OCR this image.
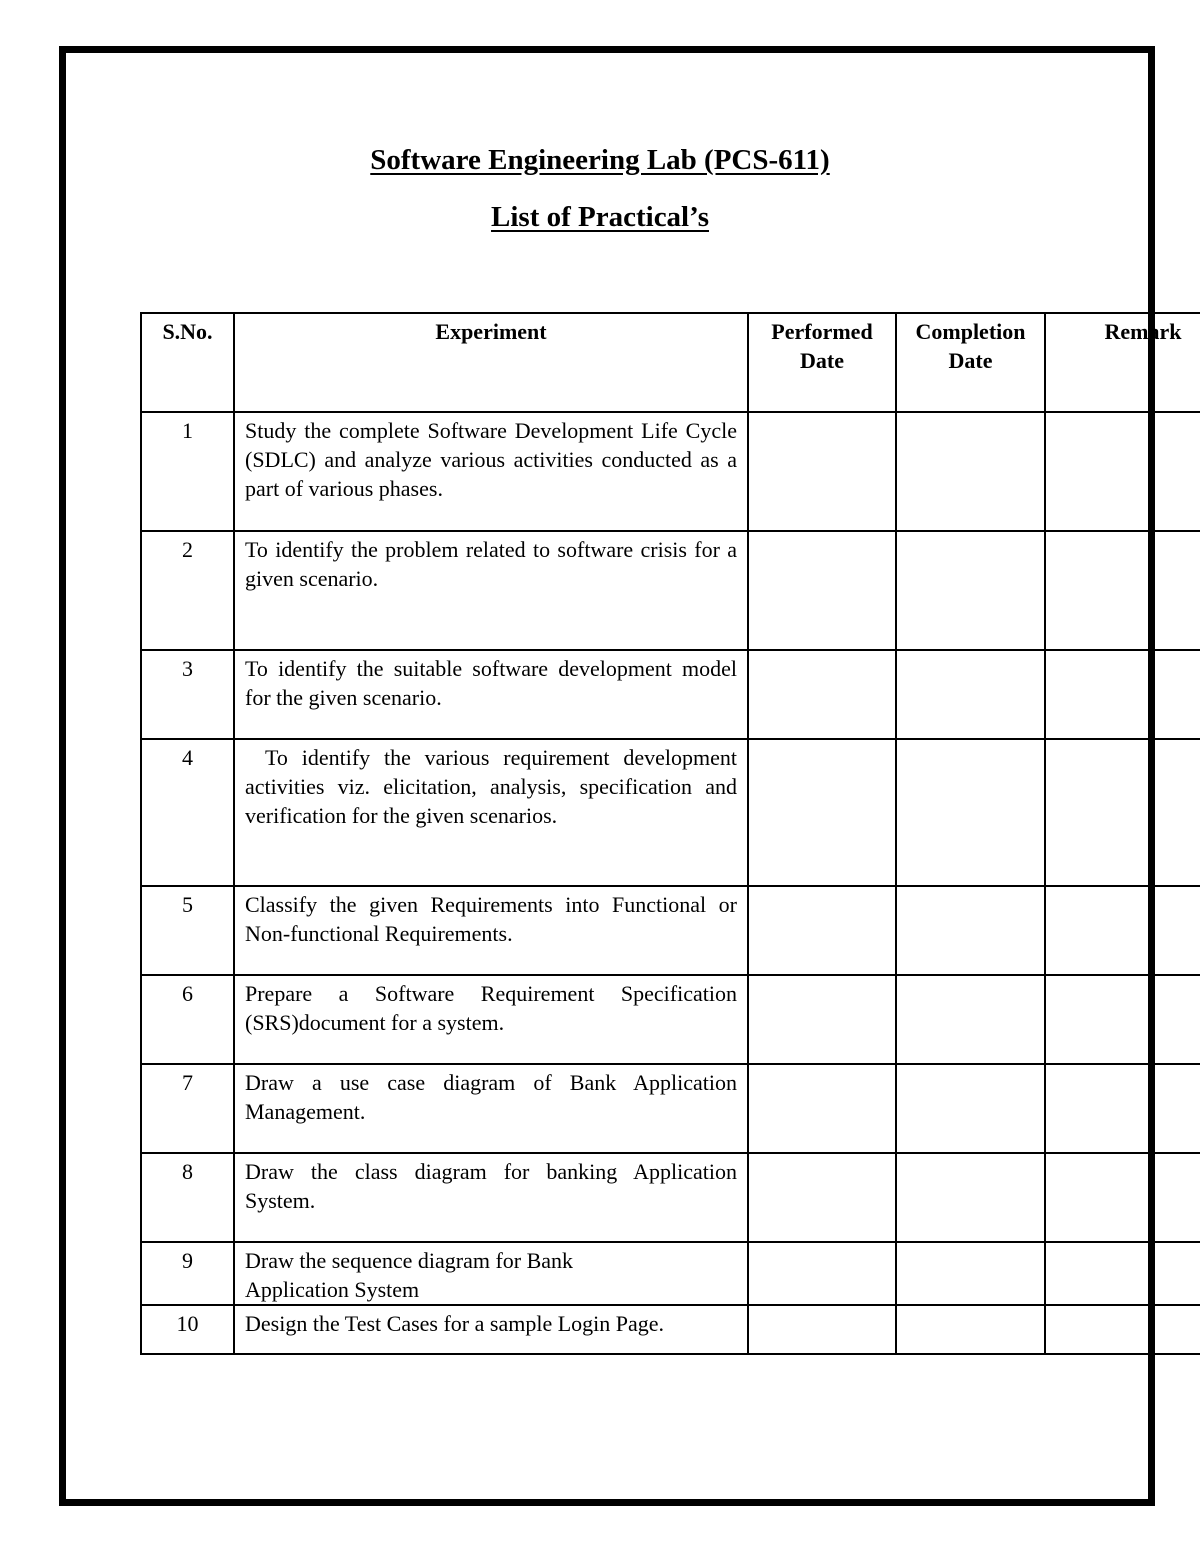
Software Engineering Lab (PCS-611)
List of Practical’s
S.No.	Experiment	Performed Date	Completion Date	Remark
1	Study the complete Software Development Life Cycle (SDLC) and analyze various activities conducted as a part of various phases.			
2	To identify the problem related to software crisis for a given scenario.			
3	To identify the suitable software development model for the given scenario.			
4	To identify the various requirement development activities viz. elicitation, analysis, specification and verification for the given scenarios.			
5	Classify the given Requirements into Functional or Non-functional Requirements.			
6	Prepare a Software Requirement Specification (SRS)document for a system.			
7	Draw a use case diagram of Bank Application Management.			
8	Draw the class diagram for banking Application System.			
9	Draw the sequence diagram for Bank Application System			
10	Design the Test Cases for a sample Login Page.			
